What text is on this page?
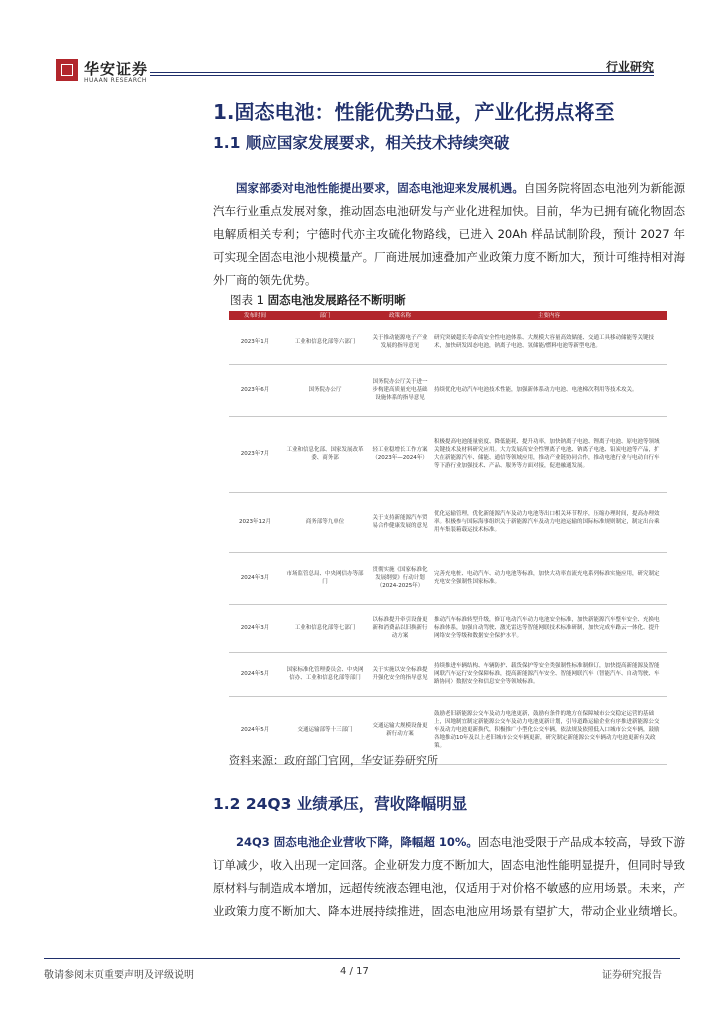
华安证券
HUAAN RESEARCH
行业研究
1.固态电池：性能优势凸显，产业化拐点将至
1.1 顺应国家发展要求，相关技术持续突破
国家部委对电池性能提出要求，固态电池迎来发展机遇。自国务院将固态电池列为新能源汽车行业重点发展对象，推动固态电池研发与产业化进程加快。目前，华为已拥有硫化物固态电解质相关专利；宁德时代亦主攻硫化物路线，已进入 20Ah 样品试制阶段，预计 2027 年可实现全固态电池小规模量产。厂商进展加速叠加产业政策力度不断加大，预计可维持相对海外厂商的领先优势。
图表 1 固态电池发展路径不断明晰
发布时间	部门	政策名称	主要内容
2023年1月	工业和信息化部等六部门	关于推动能源电子产业发展的指导意见	研究突破超长寿命高安全性电池体系、大规模大容量高效储能、交通工具移动储能等关键技术，加快研发固态电池，钠离子电池、氢储能/燃料电池等新型电池。
2023年6月	国务院办公厅	国务院办公厅关于进一步构建高质量充电基础设施体系的指导意见	持续优化电动汽车电池技术性能，加强新体系动力电池、电池梯次利用等技术攻关。
2023年7月	工业和信息化部、国家发展改革委、商务部	轻工业稳增长工作方案（2023年—2024年）	积极提高电池能量密度、降低能耗、提升功率，加快钠离子电池、锂离子电池、原电池等领域关键技术及材料研究应用。大力发展高安全性锂离子电池、钠离子电池、铅炭电池等产品，扩大在新能源汽车、储能、通信等领域应用，推动产业链协同合作，推动电池行业与电动自行车等下游行业加强技术、产品、服务等方面对接，促进融通发展。
2023年12月	商务部等九单位	关于支持新能源汽车贸易合作健康发展的意见	优化运输管理，优化新能源汽车及动力电池等出口相关环节程序，压缩办理时间，提高办理效率。积极参与国际海事组织关于新能源汽车及动力电池运输的国际标准规则制定，制定出台乘用车集装箱载运技术标准。
2024年3月	市场监管总局、中央网信办等部门	贯彻实施《国家标准化发展纲要》行动计划（2024-2025年）	完善充电桩、电动汽车、动力电池等标准，加快大功率直流充电系列标准实施应用，研究制定充电安全强制性国家标准。
2024年3月	工业和信息化部等七部门	以标准提升牵引设备更新和消费品以旧换新行动方案	推动汽车标准转型升级，修订电动汽车动力电池安全标准，加快新能源汽车整车安全、充换电标准体系，加强自动驾驶、激光雷达等智能网联技术标准研制，加快完成车路云一体化、提升网络安全等级和数据安全保护水平。
2024年5月	国家标准化管理委员会、中央网信办、工业和信息化部等部门	关于实施以安全标准提升强化安全的指导意见	持续推进车辆结构、车辆防护、载货保护等安全类强制性标准制修订，加快提高新能源及智能网联汽车运行安全保障标准，提高新能源汽车安全、智能网联汽车（智能汽车、自动驾驶、车路协同）数据安全和信息安全等领域标准。
2024年5月	交通运输部等十三部门	交通运输大规模设备更新行动方案	鼓励老旧新能源公交车及动力电池更新，鼓励有条件的地方在保障城市公交稳定运营的基础上，因地制宜制定新能源公交车及动力电池更新计划，引导道路运输企业有序推进新能源公交车及动力电池更新换代，积极推广小型化公交车辆，依法规及依照低入口城市公交车辆，鼓励各地推动10年及以上老旧城市公交车辆更新，研究制定新能源公交车辆动力电池更新有关政策。
资料来源：政府部门官网，华安证券研究所
1.2 24Q3 业绩承压，营收降幅明显
24Q3 固态电池企业营收下降，降幅超 10%。固态电池受限于产品成本较高，导致下游订单减少，收入出现一定回落。企业研发力度不断加大，固态电池性能明显提升，但同时导致原材料与制造成本增加，远超传统液态锂电池，仅适用于对价格不敏感的应用场景。未来，产业政策力度不断加大、降本进展持续推进，固态电池应用场景有望扩大，带动企业业绩增长。
敬请参阅末页重要声明及评级说明	4 / 17	证券研究报告
